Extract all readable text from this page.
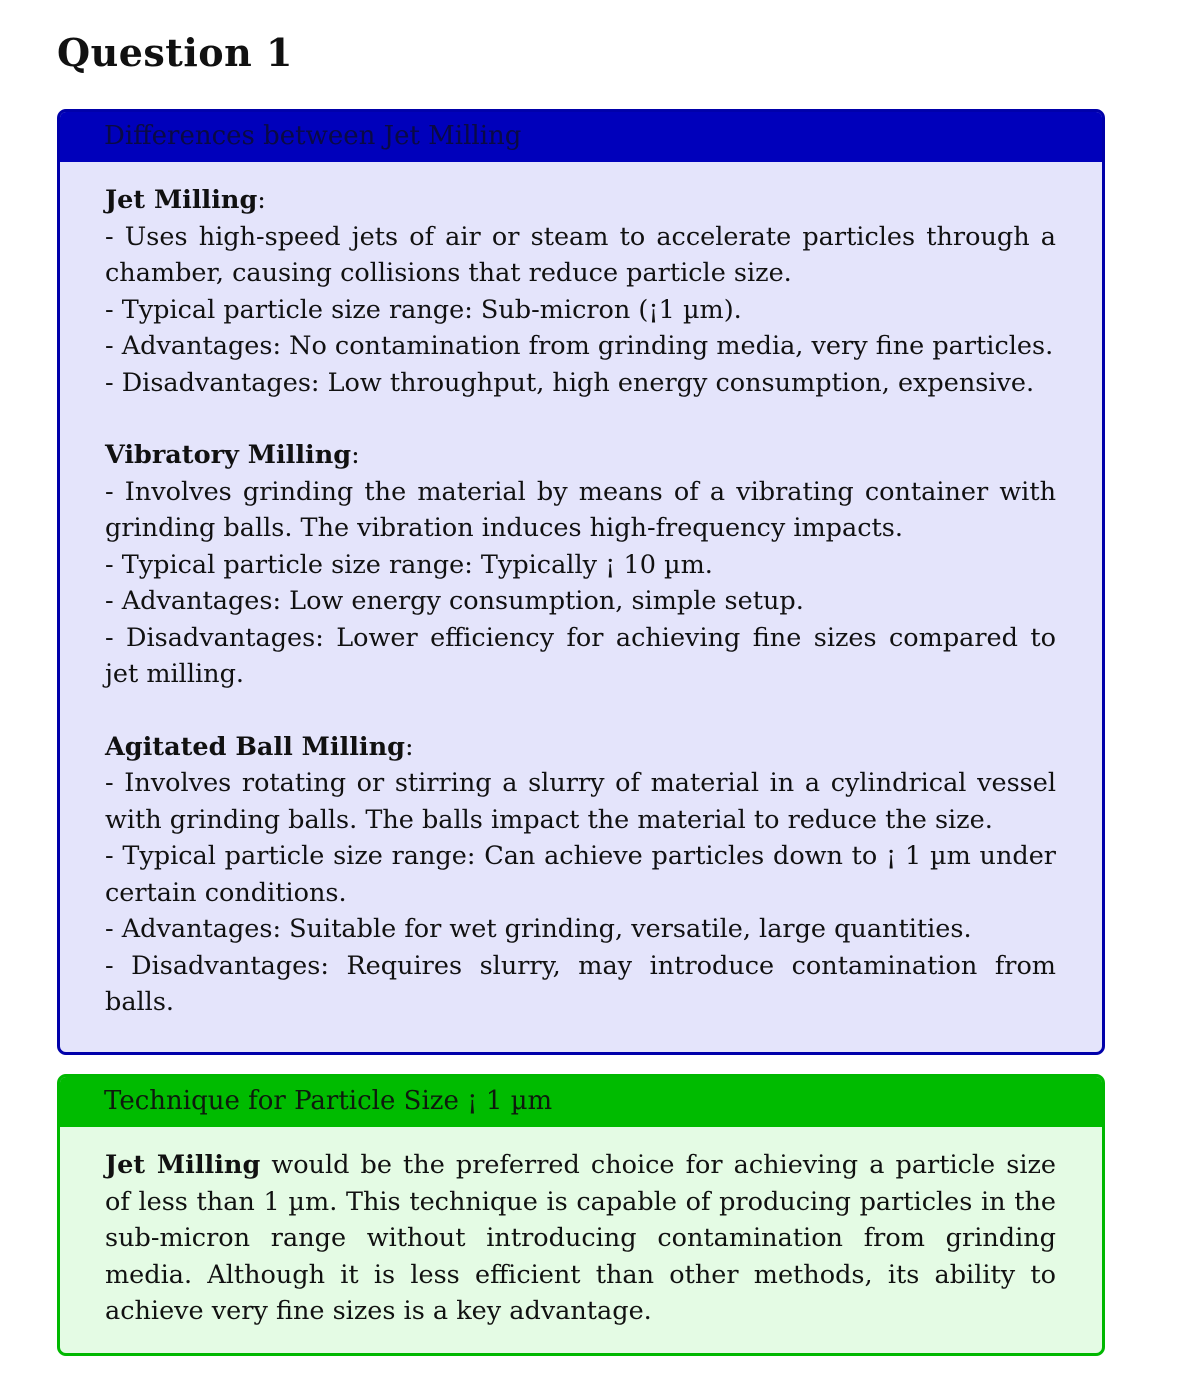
Question 1
Differences between Jet Milling
Jet Milling:
- Uses high-speed jets of air or steam to accelerate particles through a chamber, causing collisions that reduce particle size.
- Typical particle size range: Sub-micron (¡1 µm).
- Advantages: No contamination from grinding media, very fine particles.
- Disadvantages: Low throughput, high energy consumption, expensive.
Vibratory Milling:
- Involves grinding the material by means of a vibrating container with grinding balls. The vibration induces high-frequency impacts.
- Typical particle size range: Typically ¡ 10 µm.
- Advantages: Low energy consumption, simple setup.
- Disadvantages: Lower efficiency for achieving fine sizes compared to jet milling.
Agitated Ball Milling:
- Involves rotating or stirring a slurry of material in a cylindrical vessel with grinding balls. The balls impact the material to reduce the size.
- Typical particle size range: Can achieve particles down to ¡ 1 µm under certain conditions.
- Advantages: Suitable for wet grinding, versatile, large quantities.
- Disadvantages: Requires slurry, may introduce contamination from balls.
Technique for Particle Size ¡ 1 µm
Jet Milling would be the preferred choice for achieving a particle size of less than 1 µm. This technique is capable of producing particles in the sub-micron range without introducing contamination from grinding media. Although it is less efficient than other methods, its ability to achieve very fine sizes is a key advantage.
